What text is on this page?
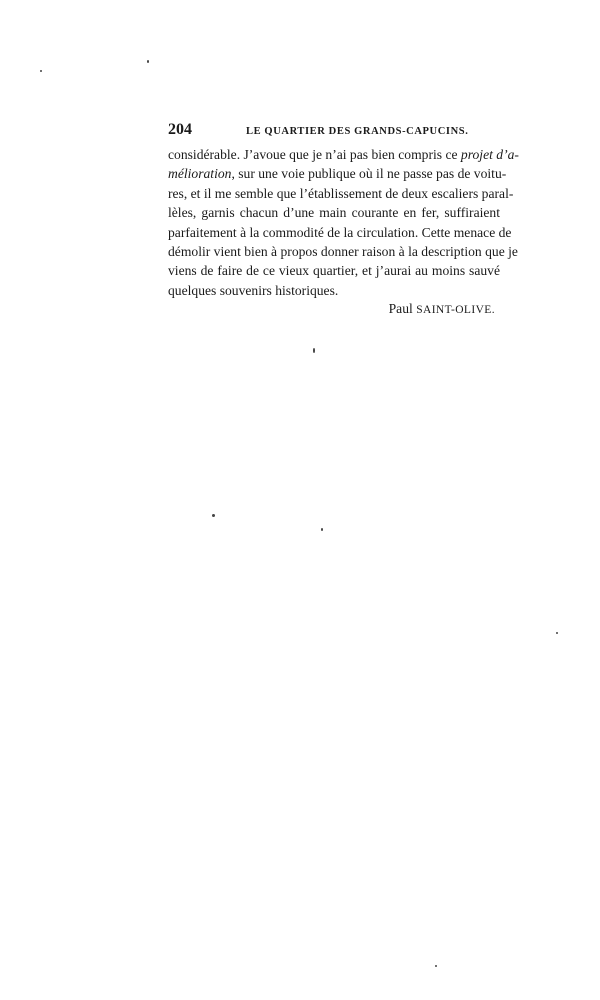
204	LE QUARTIER DES GRANDS-CAPUCINS.
considérable. J’avoue que je n’ai pas bien compris ce projet d’a-
mélioration, sur une voie publique où il ne passe pas de voitu-
res, et il me semble que l’établissement de deux escaliers paral-
lèles, garnis chacun d’une main courante en fer, suffiraient
parfaitement à la commodité de la circulation. Cette menace de
démolir vient bien à propos donner raison à la description que je
viens de faire de ce vieux quartier, et j’aurai au moins sauvé
quelques souvenirs historiques.
Paul SAINT-OLIVE.
